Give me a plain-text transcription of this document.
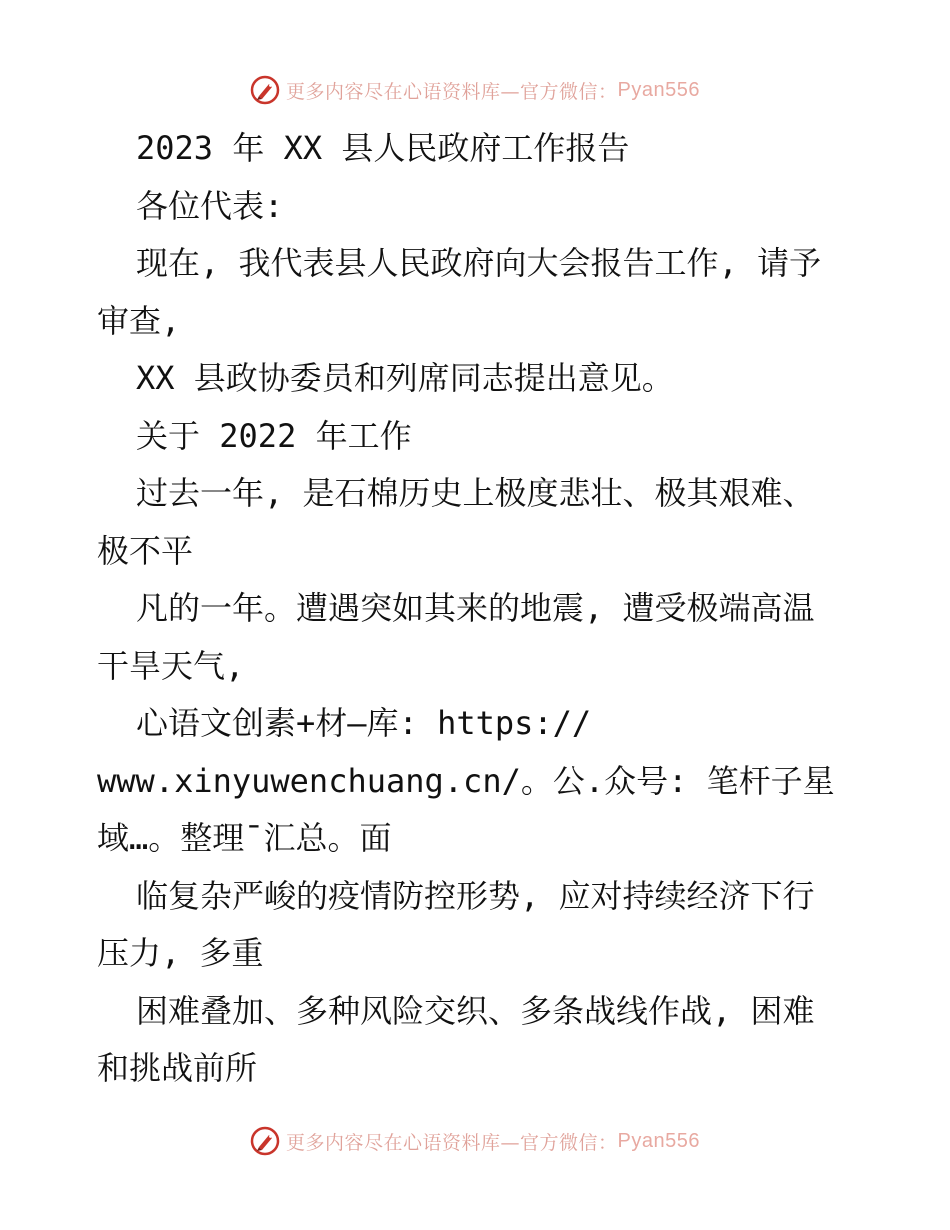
更多内容尽在心语资料库—官方微信： Pyan556
2023 年 XX 县人民政府工作报告
各位代表:
现在, 我代表县人民政府向大会报告工作, 请予
审查,
XX 县政协委员和列席同志提出意见。
关于 2022 年工作
过去一年, 是石棉历史上极度悲壮、极其艰难、
极不平
凡的一年。遭遇突如其来的地震, 遭受极端高温
干旱天气,
心语文创素+材—库: https://
www.xinyuwenchuang.cn/。公.众号: 笔杆子星
域…。整理¯汇总。面
临复杂严峻的疫情防控形势, 应对持续经济下行
压力, 多重
困难叠加、多种风险交织、多条战线作战, 困难
和挑战前所
更多内容尽在心语资料库—官方微信： Pyan556
